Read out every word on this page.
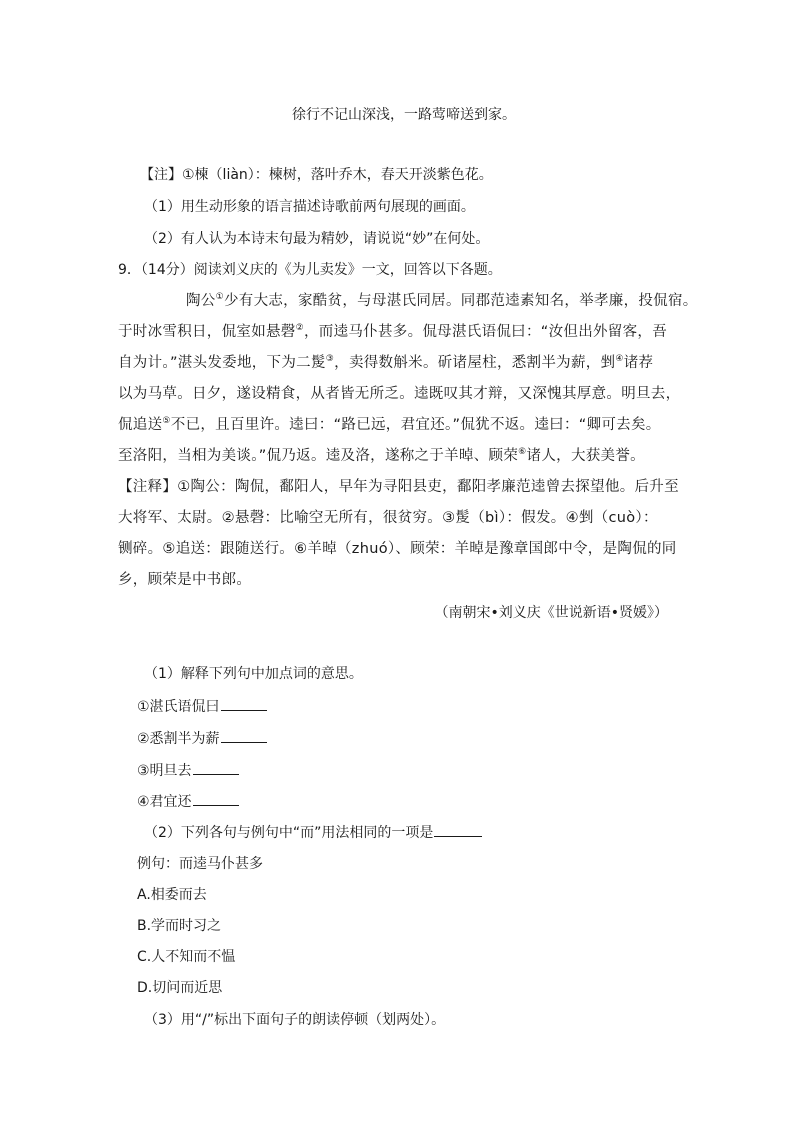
徐行不记山深浅，一路莺啼送到家。
【注】①楝（liàn）：楝树，落叶乔木，春天开淡紫色花。
（1）用生动形象的语言描述诗歌前两句展现的画面。
（2）有人认为本诗末句最为精妙，请说说“妙”在何处。
9．（14分）阅读刘义庆的《为儿卖发》一文，回答以下各题。
陶公①少有大志，家酷贫，与母湛氏同居。同郡范逵素知名，举孝廉，投侃宿。
于时冰雪积日，侃室如悬磬②，而逵马仆甚多。侃母湛氏语侃曰：“汝但出外留客，吾
自为计。”湛头发委地，下为二髲③，卖得数斛米。斫诸屋柱，悉割半为薪，剉④诸荐
以为马草。日夕，遂设精食，从者皆无所乏。逵既叹其才辩，又深愧其厚意。明旦去，
侃追送⑤不已，且百里许。逵曰：“路已远，君宜还。”侃犹不返。逵曰：“卿可去矣。
至洛阳，当相为美谈。”侃乃返。逵及洛，遂称之于羊晫、顾荣⑥诸人，大获美誉。
【注释】①陶公：陶侃，鄱阳人，早年为寻阳县吏，鄱阳孝廉范逵曾去探望他。后升至
大将军、太尉。②悬磬：比喻空无所有，很贫穷。③髲（bì）：假发。④剉（cuò）：
铡碎。⑤追送：跟随送行。⑥羊晫（zhuó）、顾荣：羊晫是豫章国郎中令，是陶侃的同
乡，顾荣是中书郎。
（南朝宋•刘义庆《世说新语•贤媛》）
（1）解释下列句中加点词的意思。
①湛氏语侃曰
②悉割半为薪
③明旦去
④君宜还
（2）下列各句与例句中“而”用法相同的一项是
例句：而逵马仆甚多
A.相委而去
B.学而时习之
C.人不知而不愠
D.切问而近思
（3）用“/”标出下面句子的朗读停顿（划两处）。
